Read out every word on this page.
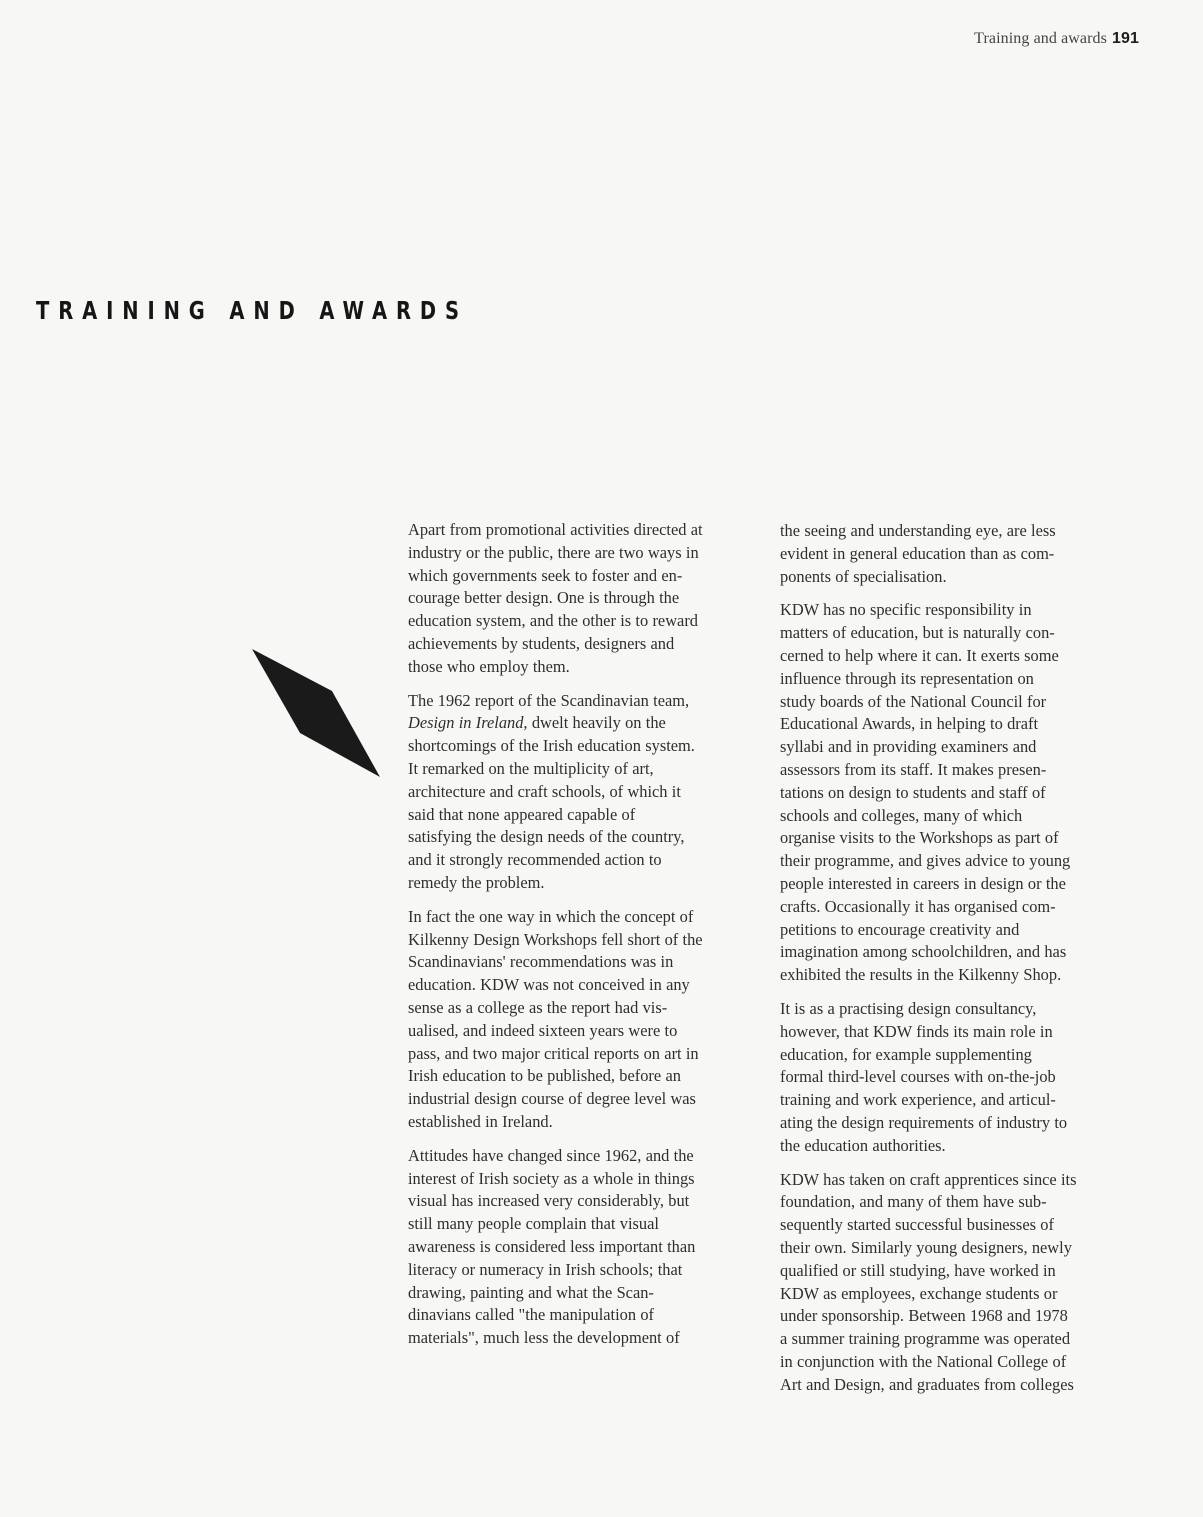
Training and awards 191
TRAINING AND AWARDS

Apart from promotional activities directed at
industry or the public, there are two ways in
which governments seek to foster and en-
courage better design. One is through the
education system, and the other is to reward
achievements by students, designers and
those who employ them.

The 1962 report of the Scandinavian team,
Design in Ireland, dwelt heavily on the
shortcomings of the Irish education system.
It remarked on the multiplicity of art,
architecture and craft schools, of which it
said that none appeared capable of
satisfying the design needs of the country,
and it strongly recommended action to
remedy the problem.

In fact the one way in which the concept of
Kilkenny Design Workshops fell short of the
Scandinavians' recommendations was in
education. KDW was not conceived in any
sense as a college as the report had vis-
ualised, and indeed sixteen years were to
pass, and two major critical reports on art in
Irish education to be published, before an
industrial design course of degree level was
established in Ireland.

Attitudes have changed since 1962, and the
interest of Irish society as a whole in things
visual has increased very considerably, but
still many people complain that visual
awareness is considered less important than
literacy or numeracy in Irish schools; that
drawing, painting and what the Scan-
dinavians called "the manipulation of
materials", much less the development of

the seeing and understanding eye, are less
evident in general education than as com-
ponents of specialisation.

KDW has no specific responsibility in
matters of education, but is naturally con-
cerned to help where it can. It exerts some
influence through its representation on
study boards of the National Council for
Educational Awards, in helping to draft
syllabi and in providing examiners and
assessors from its staff. It makes presen-
tations on design to students and staff of
schools and colleges, many of which
organise visits to the Workshops as part of
their programme, and gives advice to young
people interested in careers in design or the
crafts. Occasionally it has organised com-
petitions to encourage creativity and
imagination among schoolchildren, and has
exhibited the results in the Kilkenny Shop.

It is as a practising design consultancy,
however, that KDW finds its main role in
education, for example supplementing
formal third-level courses with on-the-job
training and work experience, and articul-
ating the design requirements of industry to
the education authorities.

KDW has taken on craft apprentices since its
foundation, and many of them have sub-
sequently started successful businesses of
their own. Similarly young designers, newly
qualified or still studying, have worked in
KDW as employees, exchange students or
under sponsorship. Between 1968 and 1978
a summer training programme was operated
in conjunction with the National College of
Art and Design, and graduates from colleges
